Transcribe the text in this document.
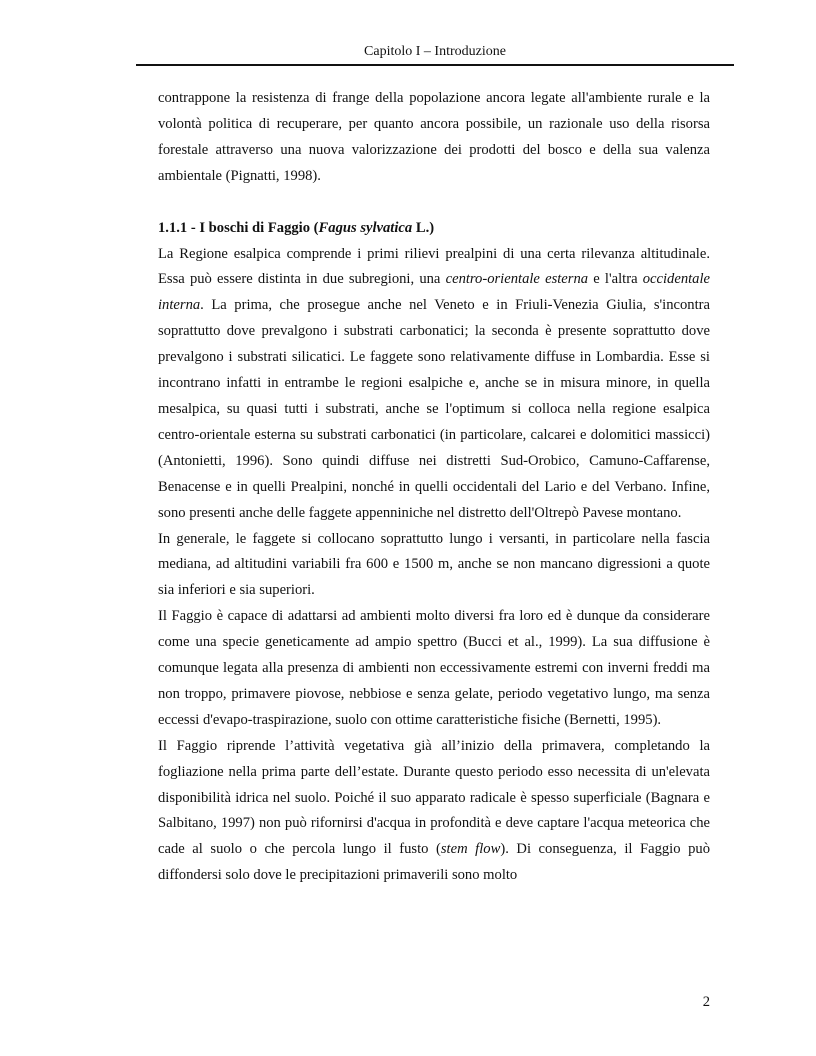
Capitolo I – Introduzione

contrappone la resistenza di frange della popolazione ancora legate all'ambiente rurale e la volontà politica di recuperare, per quanto ancora possibile, un razionale uso della risorsa forestale attraverso una nuova valorizzazione dei prodotti del bosco e della sua valenza ambientale (Pignatti, 1998).

1.1.1 - I boschi di Faggio (Fagus sylvatica L.)

La Regione esalpica comprende i primi rilievi prealpini di una certa rilevanza altitudinale. Essa può essere distinta in due subregioni, una centro-orientale esterna e l'altra occidentale interna. La prima, che prosegue anche nel Veneto e in Friuli-Venezia Giulia, s'incontra soprattutto dove prevalgono i substrati carbonatici; la seconda è presente soprattutto dove prevalgono i substrati silicatici. Le faggete sono relativamente diffuse in Lombardia. Esse si incontrano infatti in entrambe le regioni esalpiche e, anche se in misura minore, in quella mesalpica, su quasi tutti i substrati, anche se l'optimum si colloca nella regione esalpica centro-orientale esterna su substrati carbonatici (in particolare, calcarei e dolomitici massicci) (Antonietti, 1996). Sono quindi diffuse nei distretti Sud-Orobico, Camuno-Caffarense, Benacense e in quelli Prealpini, nonché in quelli occidentali del Lario e del Verbano. Infine, sono presenti anche delle faggete appenniniche nel distretto dell'Oltrepò Pavese montano.

In generale, le faggete si collocano soprattutto lungo i versanti, in particolare nella fascia mediana, ad altitudini variabili fra 600 e 1500 m, anche se non mancano digressioni a quote sia inferiori e sia superiori.

Il Faggio è capace di adattarsi ad ambienti molto diversi fra loro ed è dunque da considerare come una specie geneticamente ad ampio spettro (Bucci et al., 1999). La sua diffusione è comunque legata alla presenza di ambienti non eccessivamente estremi con inverni freddi ma non troppo, primavere piovose, nebbiose e senza gelate, periodo vegetativo lungo, ma senza eccessi d'evapo-traspirazione, suolo con ottime caratteristiche fisiche (Bernetti, 1995).

Il Faggio riprende l’attività vegetativa già all’inizio della primavera, completando la fogliazione nella prima parte dell’estate. Durante questo periodo esso necessita di un'elevata disponibilità idrica nel suolo. Poiché il suo apparato radicale è spesso superficiale (Bagnara e Salbitano, 1997) non può rifornirsi d'acqua in profondità e deve captare l'acqua meteorica che cade al suolo o che percola lungo il fusto (stem flow). Di conseguenza, il Faggio può diffondersi solo dove le precipitazioni primaverili sono molto

2
